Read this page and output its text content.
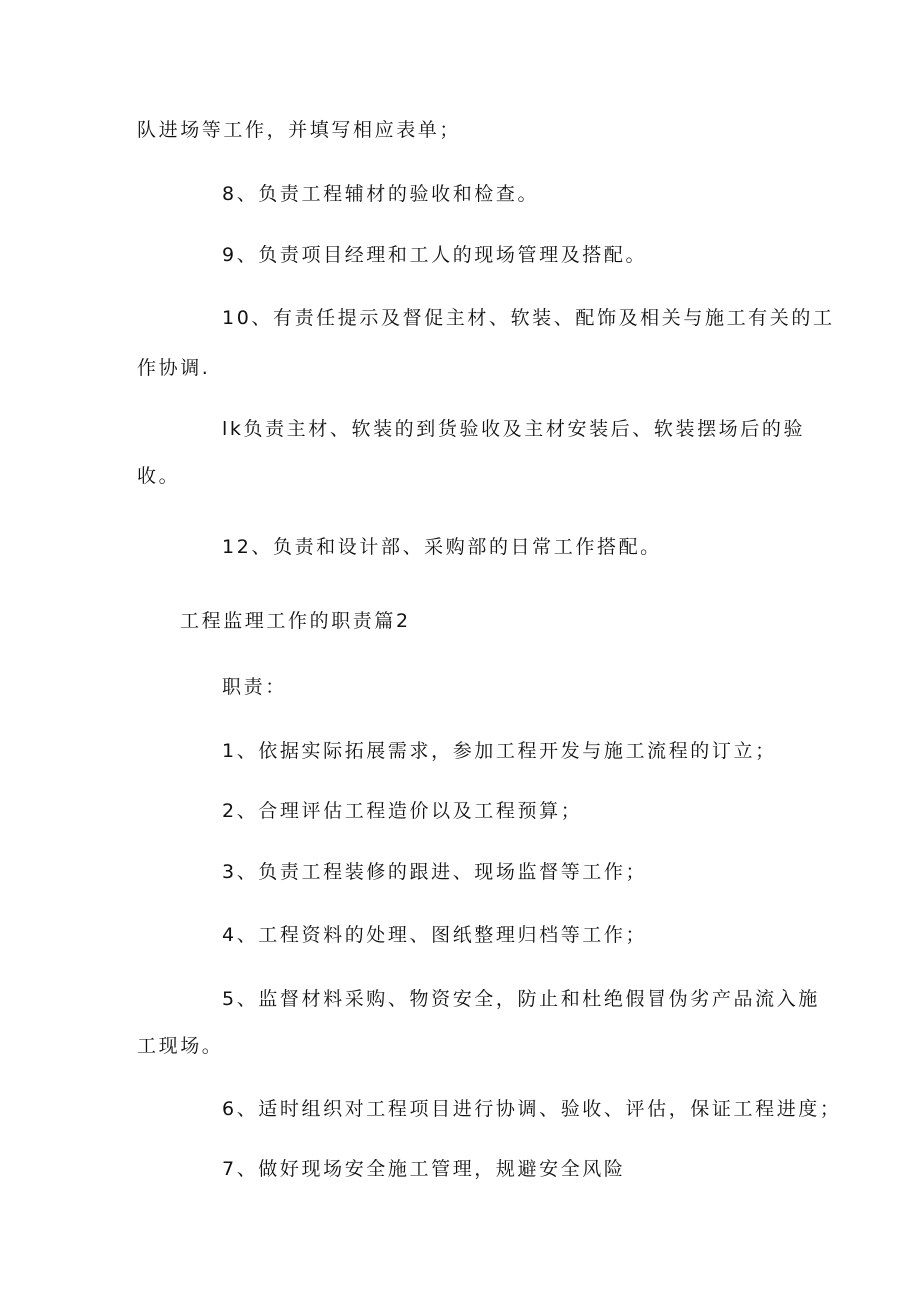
队进场等工作，并填写相应表单；
8、负责工程辅材的验收和检查。
9、负责项目经理和工人的现场管理及搭配。
10、有责任提示及督促主材、软装、配饰及相关与施工有关的工
作协调.
lk负责主材、软装的到货验收及主材安装后、软装摆场后的验
收。
12、负责和设计部、采购部的日常工作搭配。
工程监理工作的职责篇2
职责：
1、依据实际拓展需求，参加工程开发与施工流程的订立；
2、合理评估工程造价以及工程预算；
3、负责工程装修的跟进、现场监督等工作；
4、工程资料的处理、图纸整理归档等工作；
5、监督材料采购、物资安全，防止和杜绝假冒伪劣产品流入施
工现场。
6、适时组织对工程项目进行协调、验收、评估，保证工程进度；
7、做好现场安全施工管理，规避安全风险
